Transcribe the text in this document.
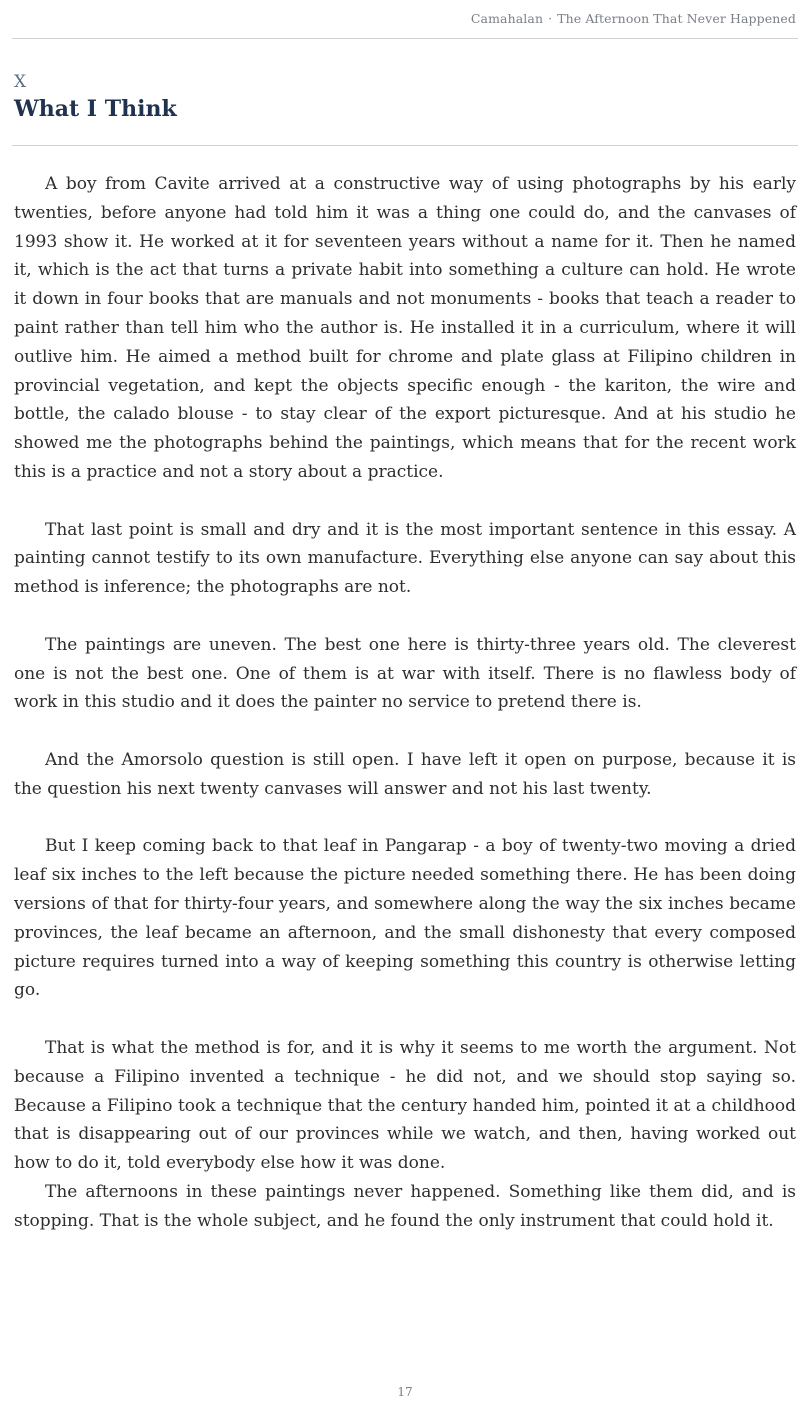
Camahalan · The Afternoon That Never Happened
X
What I Think

A boy from Cavite arrived at a constructive way of using photographs by his early twenties, before anyone had told him it was a thing one could do, and the canvases of 1993 show it. He worked at it for seventeen years without a name for it. Then he named it, which is the act that turns a private habit into something a culture can hold. He wrote it down in four books that are manuals and not monuments - books that teach a reader to paint rather than tell him who the author is. He installed it in a curriculum, where it will outlive him. He aimed a method built for chrome and plate glass at Filipino children in provincial vegetation, and kept the objects specific enough - the kariton, the wire and bottle, the calado blouse - to stay clear of the export picturesque. And at his studio he showed me the photographs behind the paintings, which means that for the recent work this is a practice and not a story about a practice.

That last point is small and dry and it is the most important sentence in this essay. A painting cannot testify to its own manufacture. Everything else anyone can say about this method is inference; the photographs are not.

The paintings are uneven. The best one here is thirty-three years old. The cleverest one is not the best one. One of them is at war with itself. There is no flawless body of work in this studio and it does the painter no service to pretend there is.

And the Amorsolo question is still open. I have left it open on purpose, because it is the question his next twenty canvases will answer and not his last twenty.

But I keep coming back to that leaf in Pangarap - a boy of twenty-two moving a dried leaf six inches to the left because the picture needed something there. He has been doing versions of that for thirty-four years, and somewhere along the way the six inches became provinces, the leaf became an afternoon, and the small dishonesty that every composed picture requires turned into a way of keeping something this country is otherwise letting go.

That is what the method is for, and it is why it seems to me worth the argument. Not because a Filipino invented a technique - he did not, and we should stop saying so. Because a Filipino took a technique that the century handed him, pointed it at a childhood that is disappearing out of our provinces while we watch, and then, having worked out how to do it, told everybody else how it was done.

The afternoons in these paintings never happened. Something like them did, and is stopping. That is the whole subject, and he found the only instrument that could hold it.

17
